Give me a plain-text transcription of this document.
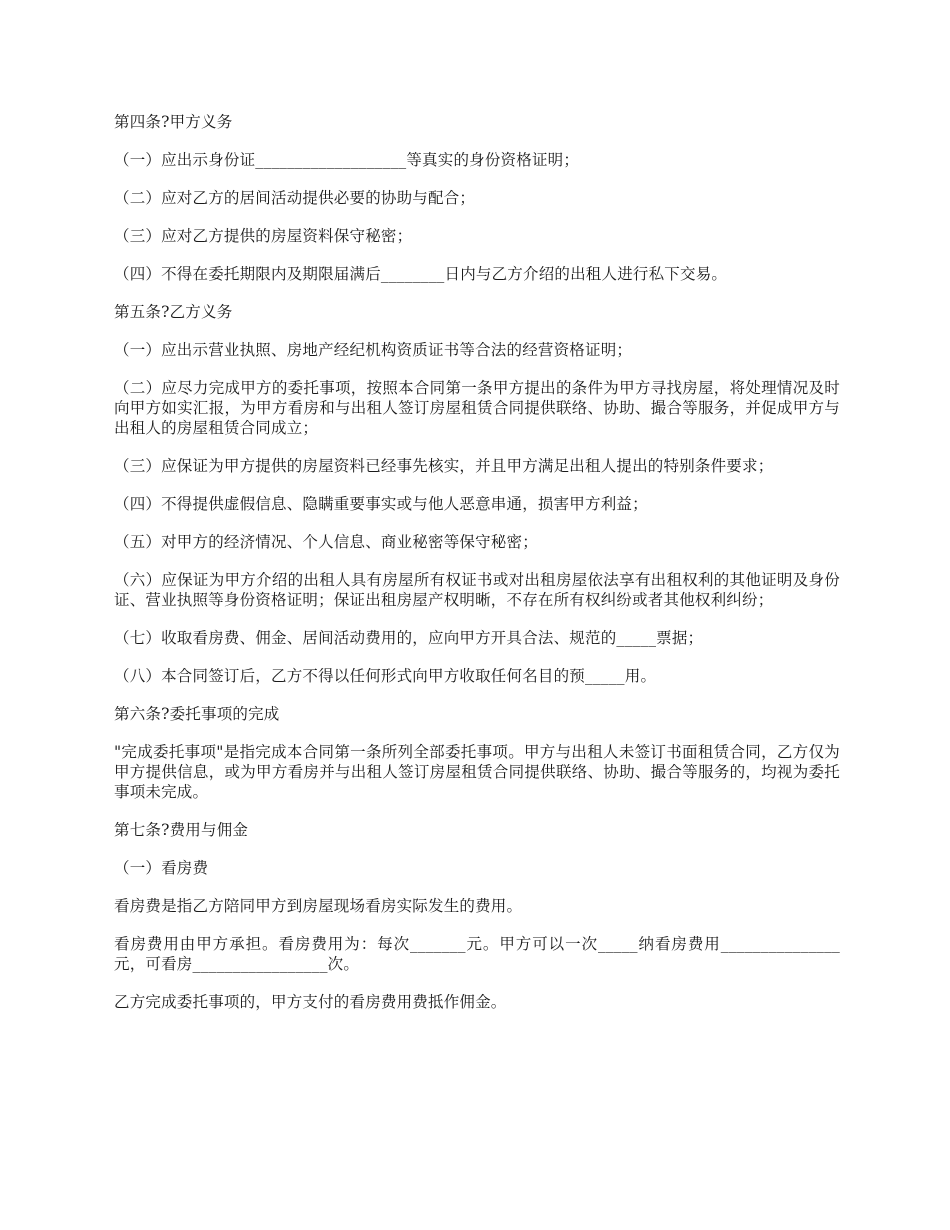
第四条?甲方义务

（一）应出示身份证___________________等真实的身份资格证明；

（二）应对乙方的居间活动提供必要的协助与配合；

（三）应对乙方提供的房屋资料保守秘密；

（四）不得在委托期限内及期限届满后________日内与乙方介绍的出租人进行私下交易。

第五条?乙方义务

（一）应出示营业执照、房地产经纪机构资质证书等合法的经营资格证明；

（二）应尽力完成甲方的委托事项，按照本合同第一条甲方提出的条件为甲方寻找房屋，将处理情况及时向甲方如实汇报，为甲方看房和与出租人签订房屋租赁合同提供联络、协助、撮合等服务，并促成甲方与出租人的房屋租赁合同成立；

（三）应保证为甲方提供的房屋资料已经事先核实，并且甲方满足出租人提出的特别条件要求；

（四）不得提供虚假信息、隐瞒重要事实或与他人恶意串通，损害甲方利益；

（五）对甲方的经济情况、个人信息、商业秘密等保守秘密；

（六）应保证为甲方介绍的出租人具有房屋所有权证书或对出租房屋依法享有出租权利的其他证明及身份证、营业执照等身份资格证明；保证出租房屋产权明晰，不存在所有权纠纷或者其他权利纠纷；

（七）收取看房费、佣金、居间活动费用的，应向甲方开具合法、规范的_____票据；

（八）本合同签订后，乙方不得以任何形式向甲方收取任何名目的预_____用。

第六条?委托事项的完成

"完成委托事项"是指完成本合同第一条所列全部委托事项。甲方与出租人未签订书面租赁合同，乙方仅为甲方提供信息，或为甲方看房并与出租人签订房屋租赁合同提供联络、协助、撮合等服务的，均视为委托事项未完成。

第七条?费用与佣金

（一）看房费

看房费是指乙方陪同甲方到房屋现场看房实际发生的费用。

看房费用由甲方承担。看房费用为：每次_______元。甲方可以一次_____纳看房费用_______________元，可看房_________________次。

乙方完成委托事项的，甲方支付的看房费用费抵作佣金。
